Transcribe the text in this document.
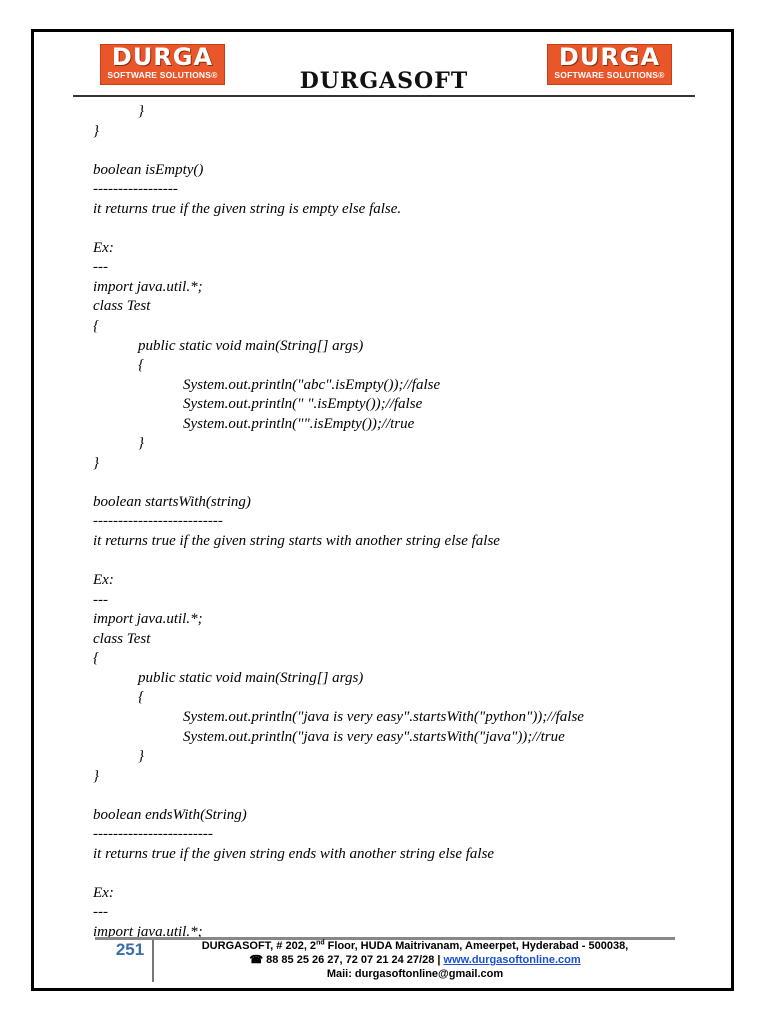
DURGA
SOFTWARE SOLUTIONS®
DURGA
SOFTWARE SOLUTIONS®
DURGASOFT
}
}
boolean isEmpty()
-----------------
it returns true if the given string is empty else false.
Ex:
---
import java.util.*;
class Test
{
public static void main(String[] args)
{
System.out.println("abc".isEmpty());//false
System.out.println(" ".isEmpty());//false
System.out.println("".isEmpty());//true
}
}
boolean startsWith(string)
--------------------------
it returns true if the given string starts with another string else false
Ex:
---
import java.util.*;
class Test
{
public static void main(String[] args)
{
System.out.println("java is very easy".startsWith("python"));//false
System.out.println("java is very easy".startsWith("java"));//true
}
}
boolean endsWith(String)
------------------------
it returns true if the given string ends with another string else false
Ex:
---
import java.util.*;
251	DURGASOFT, # 202, 2nd Floor, HUDA Maitrivanam, Ameerpet, Hyderabad - 500038,
☎ 88 85 25 26 27, 72 07 21 24 27/28 | www.durgasoftonline.com
Maii: durgasoftonline@gmail.com
